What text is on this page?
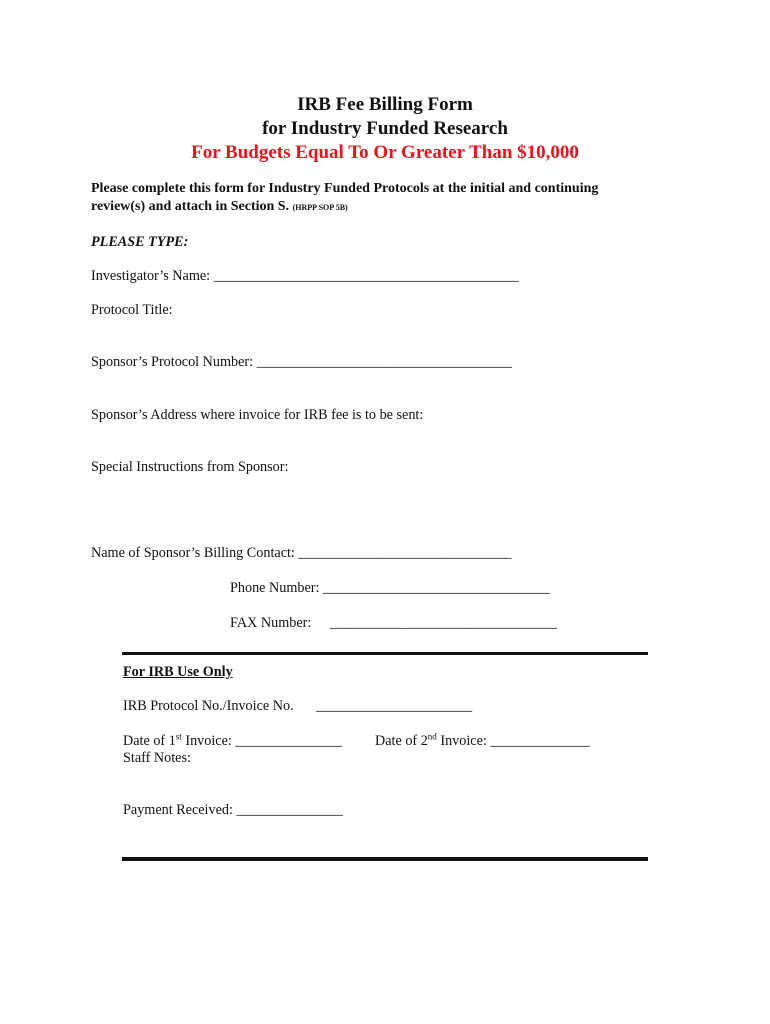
IRB Fee Billing Form
for Industry Funded Research
For Budgets Equal To Or Greater Than $10,000
Please complete this form for Industry Funded Protocols at the initial and continuing
review(s) and attach in Section S. (HRPP SOP 5B)
PLEASE TYPE:
Investigator’s Name: ___________________________________________
Protocol Title:
Sponsor’s Protocol Number: ____________________________________
Sponsor’s Address where invoice for IRB fee is to be sent:
Special Instructions from Sponsor:
Name of Sponsor’s Billing Contact: ______________________________
Phone Number: ________________________________
FAX Number: ________________________________
For IRB Use Only
IRB Protocol No./Invoice No. ______________________
Date of 1st Invoice: _______________ Date of 2nd Invoice: ______________
Staff Notes:
Payment Received: _______________
